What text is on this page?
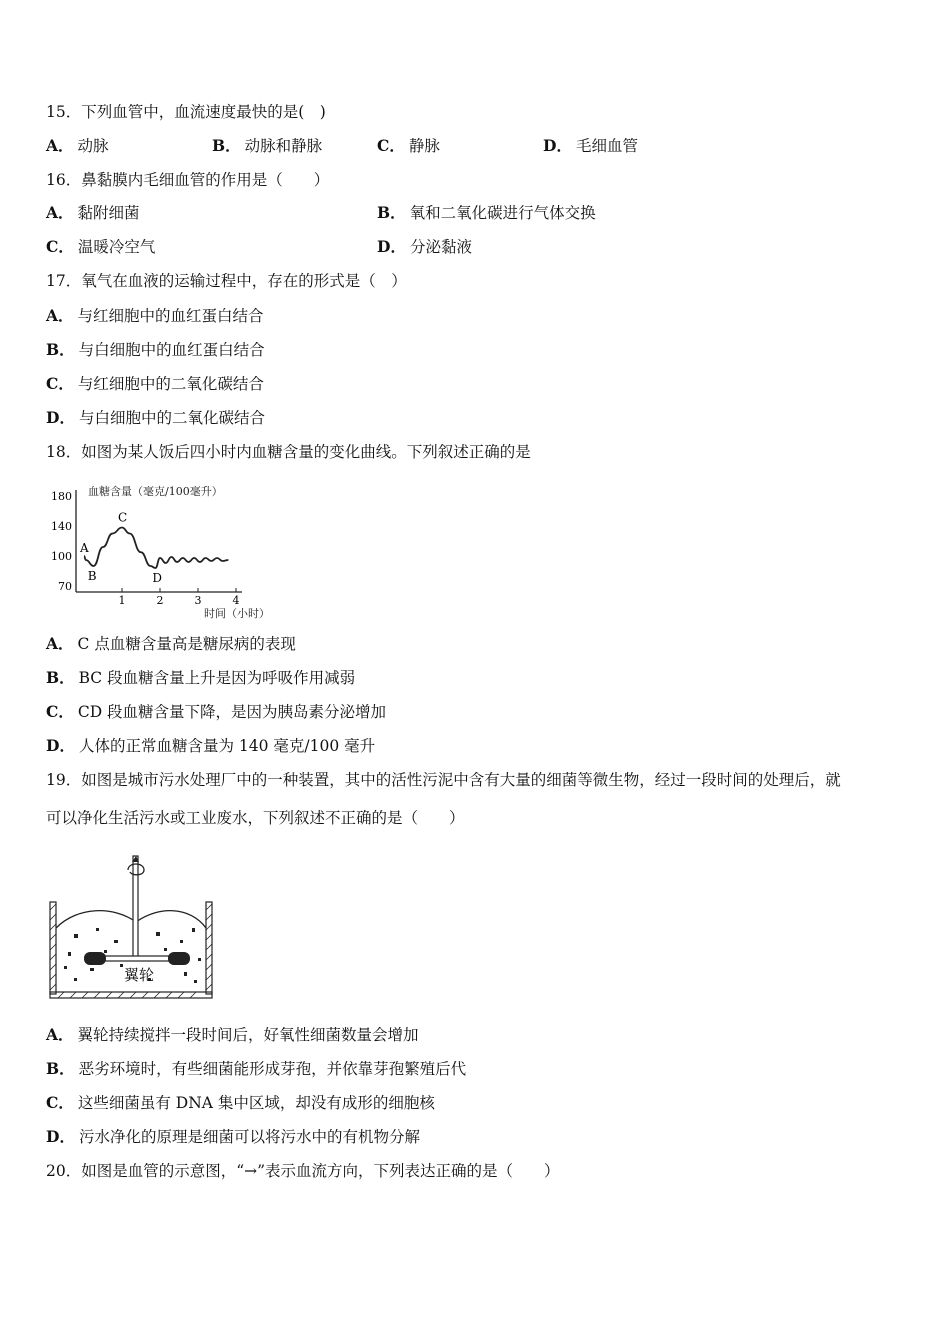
15．下列血管中，血流速度最快的是(　)
A． 动脉	B． 动脉和静脉	C． 静脉	D． 毛细血管
16．鼻黏膜内毛细血管的作用是（　　）
A． 黏附细菌	B． 氧和二氧化碳进行气体交换
C． 温暖冷空气	D． 分泌黏液
17．氧气在血液的运输过程中，存在的形式是（　）
A． 与红细胞中的血红蛋白结合
B． 与白细胞中的血红蛋白结合
C． 与红细胞中的二氧化碳结合
D． 与白细胞中的二氧化碳结合
18．如图为某人饭后四小时内血糖含量的变化曲线。下列叙述正确的是
血糖含量（毫克/100毫升）
时间（小时）
180
140
100
70
1	2	3	4
A
B
C
D
A． C 点血糖含量高是糖尿病的表现
B． BC 段血糖含量上升是因为呼吸作用减弱
C． CD 段血糖含量下降，是因为胰岛素分泌增加
D． 人体的正常血糖含量为 140 毫克/100 毫升
19．如图是城市污水处理厂中的一种装置，其中的活性污泥中含有大量的细菌等微生物，经过一段时间的处理后，就
可以净化生活污水或工业废水，下列叙述不正确的是（　　）
翼轮
A． 翼轮持续搅拌一段时间后，好氧性细菌数量会增加
B． 恶劣环境时，有些细菌能形成芽孢，并依靠芽孢繁殖后代
C． 这些细菌虽有 DNA 集中区域，却没有成形的细胞核
D． 污水净化的原理是细菌可以将污水中的有机物分解
20．如图是血管的示意图，“→”表示血流方向，下列表达正确的是（　　）
